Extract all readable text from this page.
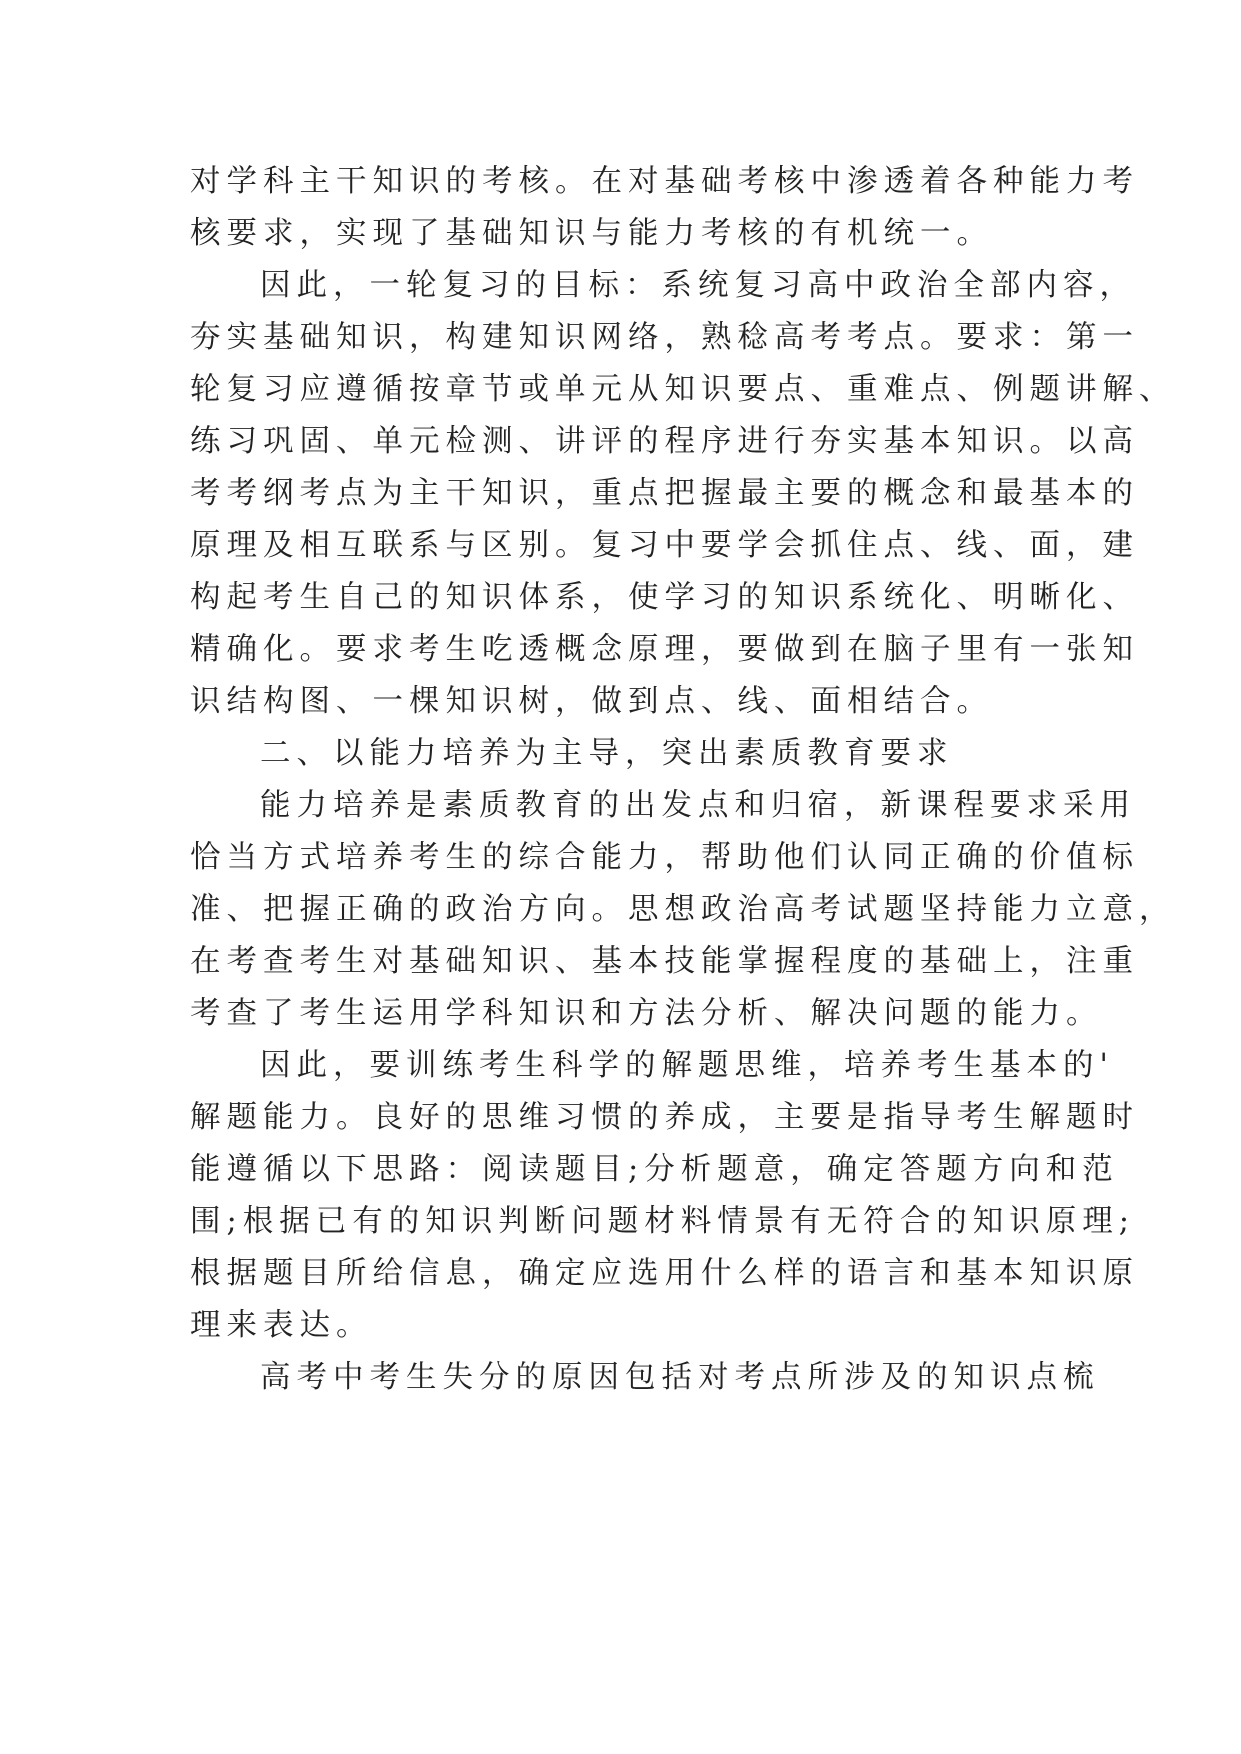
对学科主干知识的考核。在对基础考核中渗透着各种能力考
核要求，实现了基础知识与能力考核的有机统一。
因此，一轮复习的目标：系统复习高中政治全部内容，
夯实基础知识，构建知识网络，熟稔高考考点。要求：第一
轮复习应遵循按章节或单元从知识要点、重难点、例题讲解、
练习巩固、单元检测、讲评的程序进行夯实基本知识。以高
考考纲考点为主干知识，重点把握最主要的概念和最基本的
原理及相互联系与区别。复习中要学会抓住点、线、面，建
构起考生自己的知识体系，使学习的知识系统化、明晰化、
精确化。要求考生吃透概念原理，要做到在脑子里有一张知
识结构图、一棵知识树，做到点、线、面相结合。
二、以能力培养为主导，突出素质教育要求
能力培养是素质教育的出发点和归宿，新课程要求采用
恰当方式培养考生的综合能力，帮助他们认同正确的价值标
准、把握正确的政治方向。思想政治高考试题坚持能力立意，
在考查考生对基础知识、基本技能掌握程度的基础上，注重
考查了考生运用学科知识和方法分析、解决问题的能力。
因此，要训练考生科学的解题思维，培养考生基本的'
解题能力。良好的思维习惯的养成，主要是指导考生解题时
能遵循以下思路：阅读题目;分析题意，确定答题方向和范
围;根据已有的知识判断问题材料情景有无符合的知识原理;
根据题目所给信息，确定应选用什么样的语言和基本知识原
理来表达。
高考中考生失分的原因包括对考点所涉及的知识点梳
